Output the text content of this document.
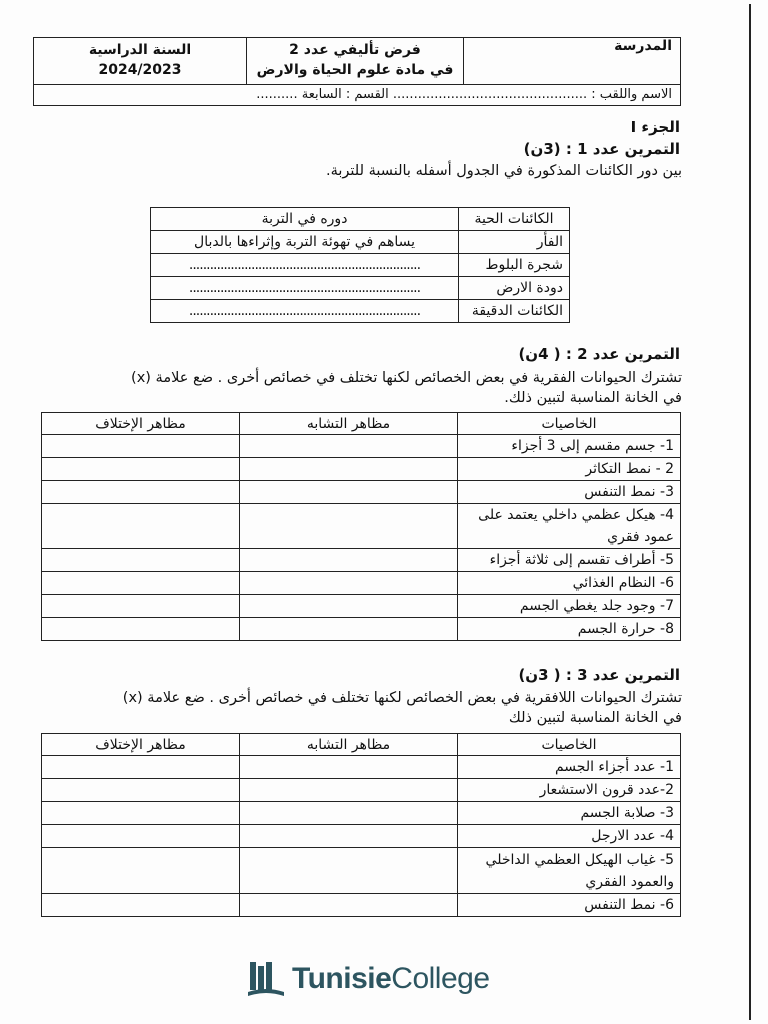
المدرسة	
فرض تأليفي عدد 2
في مادة علوم الحياة والارض

السنة الدراسية
2024/2023

الاسم واللقب : ............................................... القسم : السابعة ..........
الجزء I
التمرين عدد 1 : (3ن)
بين دور الكائنات المذكورة في الجدول أسفله بالنسبة للتربة.
الكائنات الحية	دوره في التربة
الفأر	يساهم في تهوئة التربة وإثراءها بالدبال
شجرة البلوط	...................................................................
دودة الارض	...................................................................
الكائنات الدقيقة	...................................................................
التمرين عدد 2 : ( 4ن)
تشترك الحيوانات الفقرية في بعض الخصائص لكنها تختلف في خصائص أخرى . ضع علامة (x)
في الخانة المناسبة لتبين ذلك.
الخاصيات	مظاهر التشابه	مظاهر الإختلاف
1- جسم مقسم إلى 3 أجزاء		
2 - نمط التكاثر		
3- نمط التنفس		
4- هيكل عظمي داخلي يعتمد على عمود فقري		
5- أطراف تقسم إلى ثلاثة أجزاء		
6- النظام الغذائي		
7- وجود جلد يغطي الجسم		
8- حرارة الجسم		
التمرين عدد 3 : ( 3ن)
تشترك الحيوانات اللافقرية في بعض الخصائص لكنها تختلف في خصائص أخرى . ضع علامة (x)
في الخانة المناسبة لتبين ذلك
الخاصيات	مظاهر التشابه	مظاهر الإختلاف
1- عدد أجزاء الجسم		
2-عدد قرون الاستشعار		
3- صلابة الجسم		
4- عدد الارجل		
5- غياب الهيكل العظمي الداخلي والعمود الفقري		
6- نمط التنفس		
TunisieCollege
